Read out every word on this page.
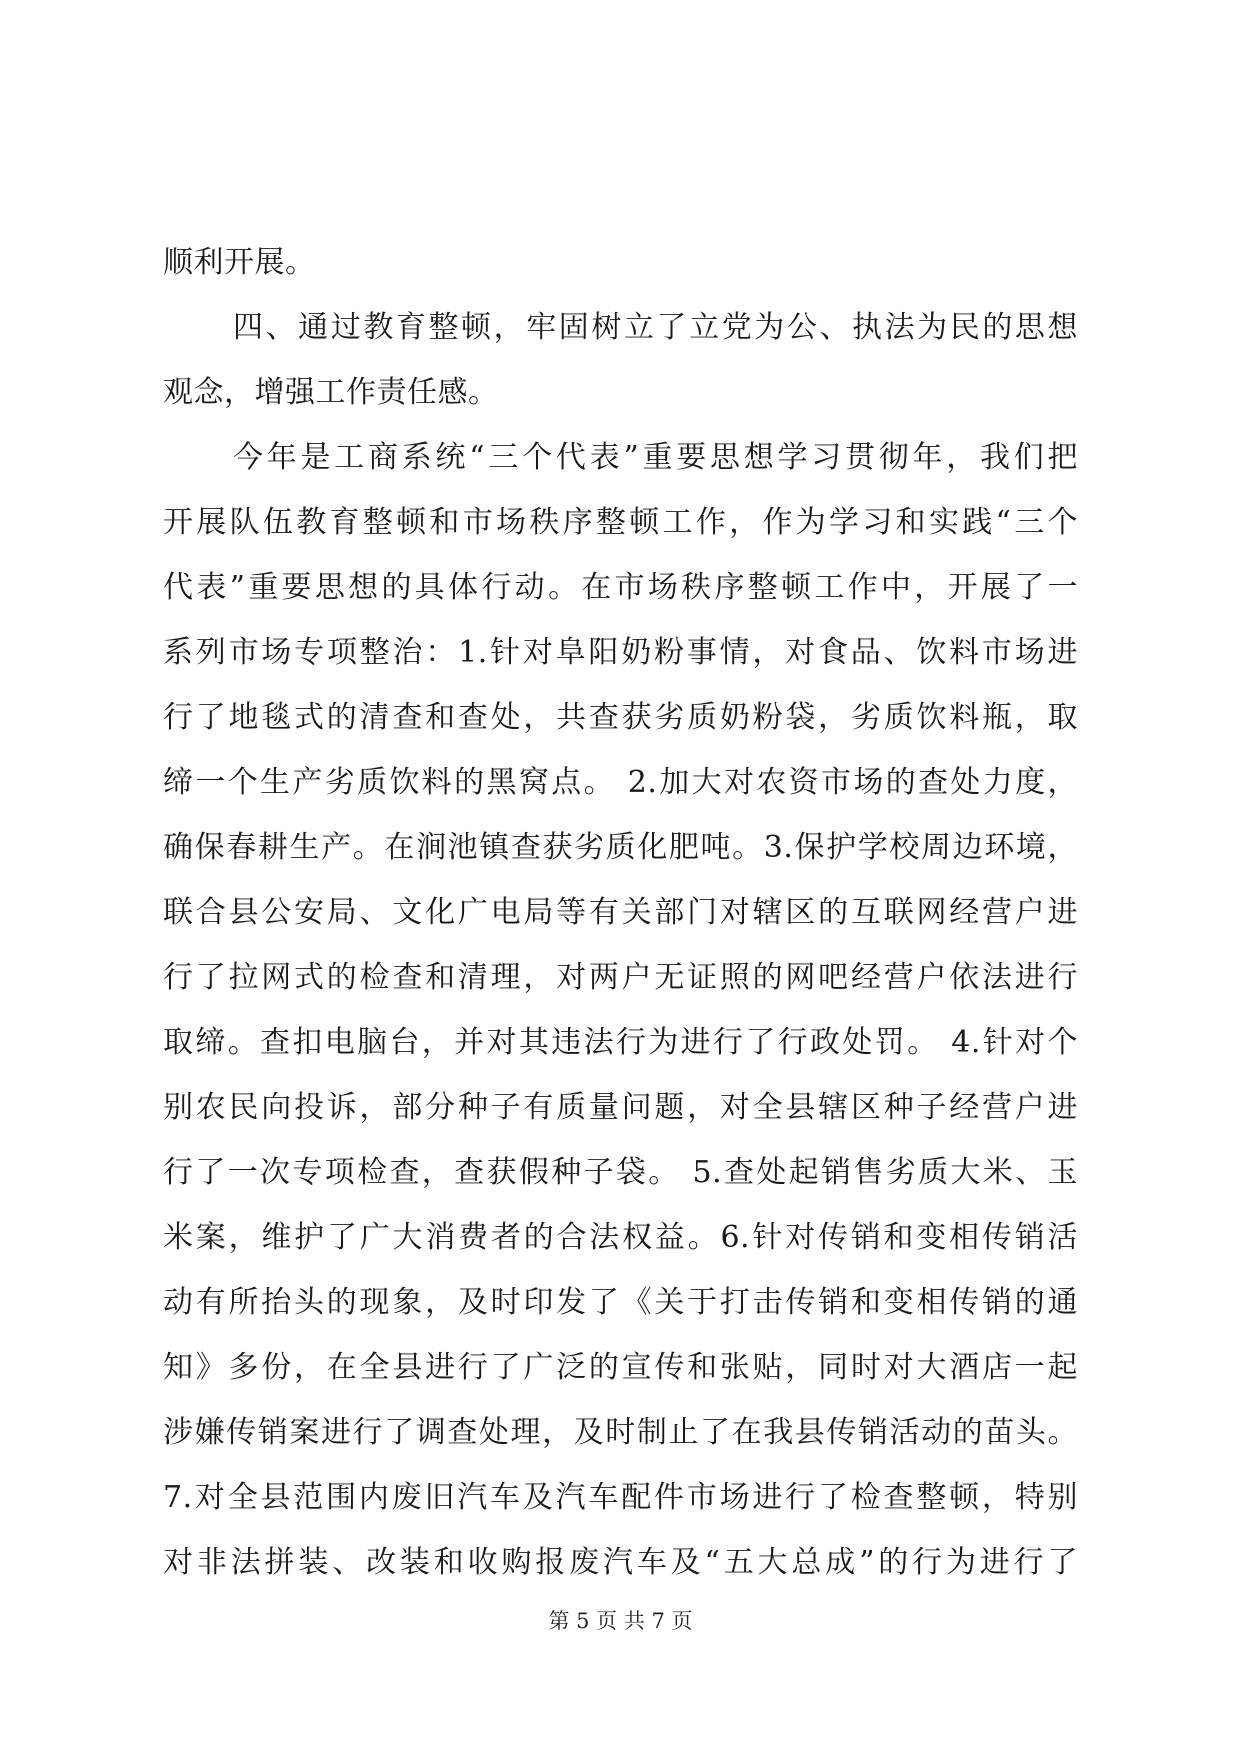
顺利开展。
四、通过教育整顿，牢固树立了立党为公、执法为民的思想
观念，增强工作责任感。
今年是工商系统“三个代表”重要思想学习贯彻年，我们把
开展队伍教育整顿和市场秩序整顿工作，作为学习和实践“三个
代表”重要思想的具体行动。在市场秩序整顿工作中，开展了一
系列市场专项整治：1.针对阜阳奶粉事情，对食品、饮料市场进
行了地毯式的清查和查处，共查获劣质奶粉袋，劣质饮料瓶，取
缔一个生产劣质饮料的黑窝点。 2.加大对农资市场的查处力度，
确保春耕生产。在涧池镇查获劣质化肥吨。3.保护学校周边环境，
联合县公安局、文化广电局等有关部门对辖区的互联网经营户进
行了拉网式的检查和清理，对两户无证照的网吧经营户依法进行
取缔。查扣电脑台，并对其违法行为进行了行政处罚。 4.针对个
别农民向投诉，部分种子有质量问题，对全县辖区种子经营户进
行了一次专项检查，查获假种子袋。 5.查处起销售劣质大米、玉
米案，维护了广大消费者的合法权益。6.针对传销和变相传销活
动有所抬头的现象，及时印发了《关于打击传销和变相传销的通
知》多份，在全县进行了广泛的宣传和张贴，同时对大酒店一起
涉嫌传销案进行了调查处理，及时制止了在我县传销活动的苗头。
7.对全县范围内废旧汽车及汽车配件市场进行了检查整顿，特别
对非法拼装、改装和收购报废汽车及“五大总成”的行为进行了
第 5 页 共 7 页
